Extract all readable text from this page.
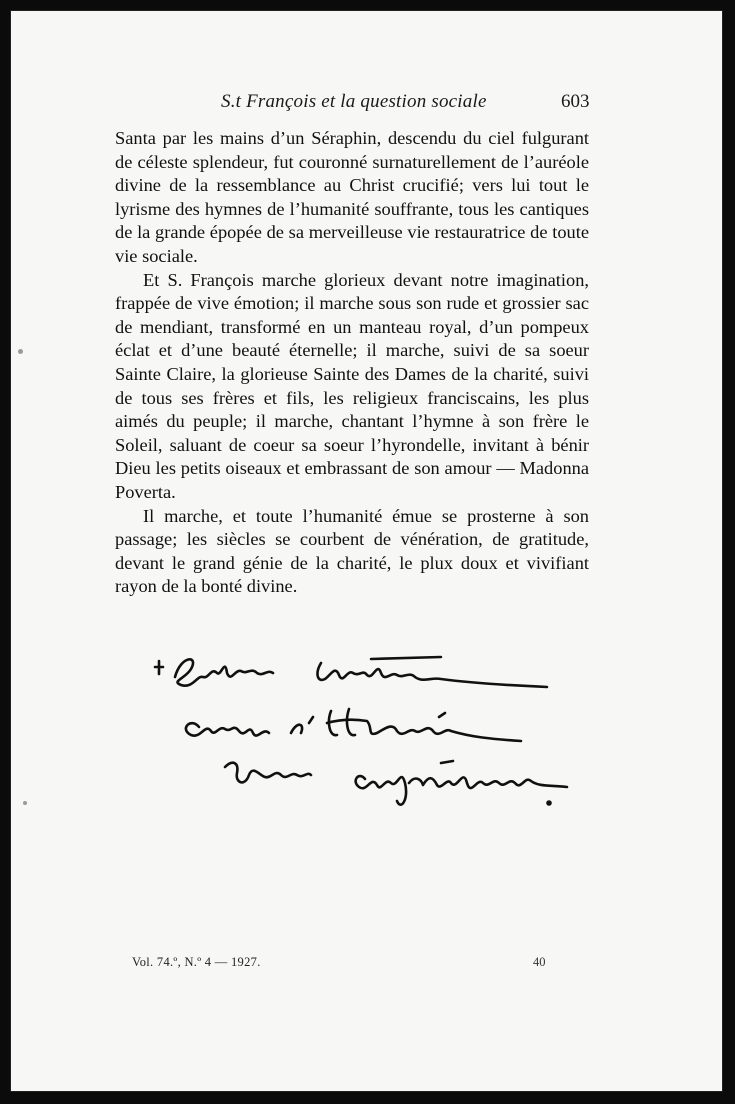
S.t François et la question sociale	603

Santa par les mains d’un Séraphin, descendu du ciel fulgurant de céleste splendeur, fut couronné surnaturellement de l’auréole divine de la ressemblance au Christ crucifié; vers lui tout le lyrisme des hymnes de l’humanité souffrante, tous les cantiques de la grande épopée de sa merveilleuse vie restauratrice de toute vie sociale.

Et S. François marche glorieux devant notre imagination, frappée de vive émotion; il marche sous son rude et grossier sac de mendiant, transformé en un manteau royal, d’un pompeux éclat et d’une beauté éternelle; il marche, suivi de sa soeur Sainte Claire, la glorieuse Sainte des Dames de la charité, suivi de tous ses frères et fils, les religieux franciscains, les plus aimés du peuple; il marche, chantant l’hymne à son frère le Soleil, saluant de coeur sa soeur l’hyrondelle, invitant à bénir Dieu les petits oiseaux et embrassant de son amour — Madonna Poverta.

Il marche, et toute l’humanité émue se prosterne à son passage; les siècles se courbent de vénération, de gratitude, devant le grand génie de la charité, le plux doux et vivifiant rayon de la bonté divine.

Vol. 74.º, N.º 4 — 1927.	40
